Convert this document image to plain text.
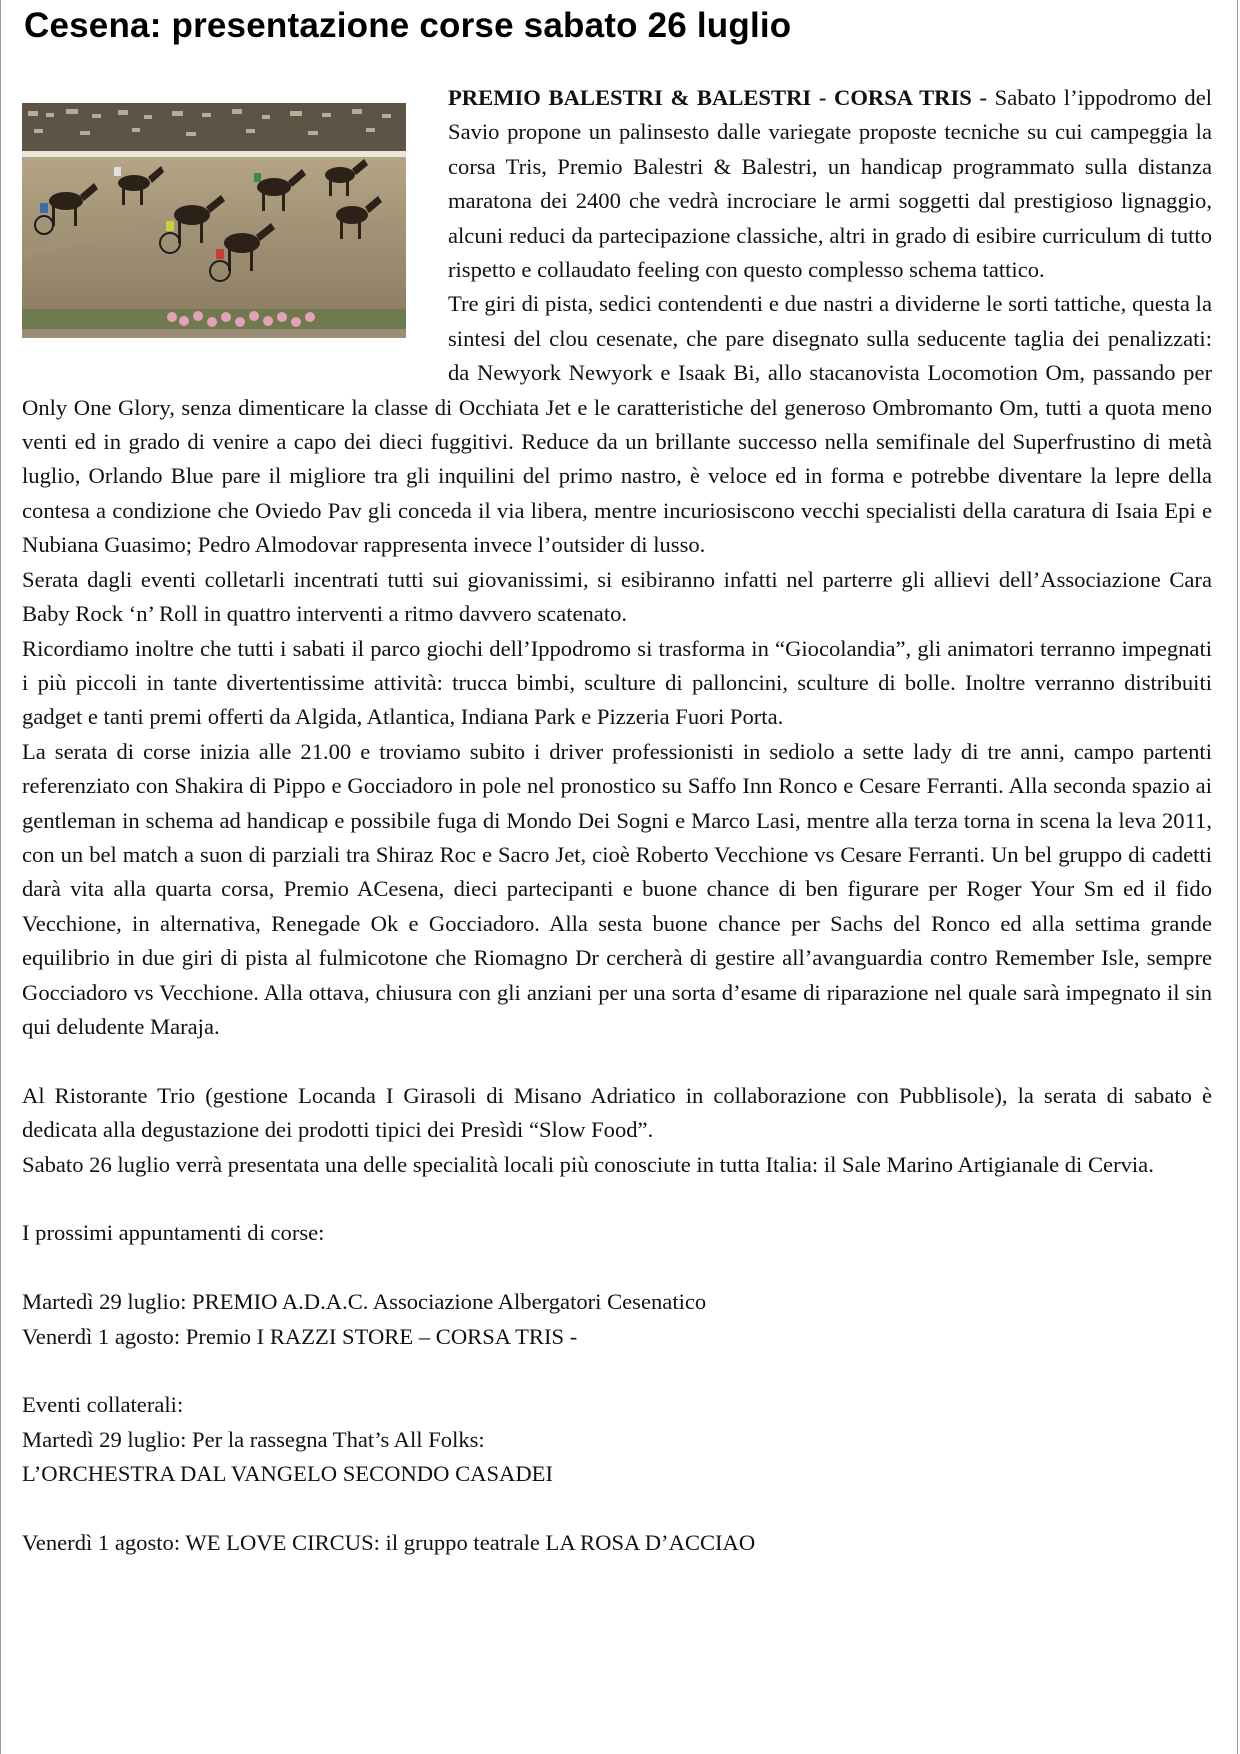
Cesena: presentazione corse sabato 26 luglio

PREMIO BALESTRI & BALESTRI - CORSA TRIS - Sabato l’ippodromo del Savio propone un palinsesto dalle variegate proposte tecniche su cui campeggia la corsa Tris, Premio Balestri & Balestri, un handicap programmato sulla distanza maratona dei 2400 che vedrà incrociare le armi soggetti dal prestigioso lignaggio, alcuni reduci da partecipazione classiche, altri in grado di esibire curriculum di tutto rispetto e collaudato feeling con questo complesso schema tattico.

Tre giri di pista, sedici contendenti e due nastri a dividerne le sorti tattiche, questa la sintesi del clou cesenate, che pare disegnato sulla seducente taglia dei penalizzati: da Newyork Newyork e Isaak Bi, allo stacanovista Locomotion Om, passando per Only One Glory, senza dimenticare la classe di Occhiata Jet e le caratteristiche del generoso Ombromanto Om, tutti a quota meno venti ed in grado di venire a capo dei dieci fuggitivi. Reduce da un brillante successo nella semifinale del Superfrustino di metà luglio, Orlando Blue pare il migliore tra gli inquilini del primo nastro, è veloce ed in forma e potrebbe diventare la lepre della contesa a condizione che Oviedo Pav gli conceda il via libera, mentre incuriosiscono vecchi specialisti della caratura di Isaia Epi e Nubiana Guasimo; Pedro Almodovar rappresenta invece l’outsider di lusso.

Serata dagli eventi colletarli incentrati tutti sui giovanissimi, si esibiranno infatti nel parterre gli allievi dell’Associazione Cara Baby Rock ‘n’ Roll in quattro interventi a ritmo davvero scatenato.

Ricordiamo inoltre che tutti i sabati il parco giochi dell’Ippodromo si trasforma in “Giocolandia”, gli animatori terranno impegnati i più piccoli in tante divertentissime attività: trucca bimbi, sculture di palloncini, sculture di bolle. Inoltre verranno distribuiti gadget e tanti premi offerti da Algida, Atlantica, Indiana Park e Pizzeria Fuori Porta.

La serata di corse inizia alle 21.00 e troviamo subito i driver professionisti in sediolo a sette lady di tre anni, campo partenti referenziato con Shakira di Pippo e Gocciadoro in pole nel pronostico su Saffo Inn Ronco e Cesare Ferranti. Alla seconda spazio ai gentleman in schema ad handicap e possibile fuga di Mondo Dei Sogni e Marco Lasi, mentre alla terza torna in scena la leva 2011, con un bel match a suon di parziali tra Shiraz Roc e Sacro Jet, cioè Roberto Vecchione vs Cesare Ferranti. Un bel gruppo di cadetti darà vita alla quarta corsa, Premio ACesena, dieci partecipanti e buone chance di ben figurare per Roger Your Sm ed il fido Vecchione, in alternativa, Renegade Ok e Gocciadoro. Alla sesta buone chance per Sachs del Ronco ed alla settima grande equilibrio in due giri di pista al fulmicotone che Riomagno Dr cercherà di gestire all’avanguardia contro Remember Isle, sempre Gocciadoro vs Vecchione. Alla ottava, chiusura con gli anziani per una sorta d’esame di riparazione nel quale sarà impegnato il sin qui deludente Maraja.

Al Ristorante Trio (gestione Locanda I Girasoli di Misano Adriatico in collaborazione con Pubblisole), la serata di sabato è dedicata alla degustazione dei prodotti tipici dei Presìdi “Slow Food”.

Sabato 26 luglio verrà presentata una delle specialità locali più conosciute in tutta Italia: il Sale Marino Artigianale di Cervia.

I prossimi appuntamenti di corse:

Martedì 29 luglio: PREMIO A.D.A.C. Associazione Albergatori Cesenatico

Venerdì 1 agosto: Premio I RAZZI STORE – CORSA TRIS -

Eventi collaterali:

Martedì 29 luglio: Per la rassegna That’s All Folks:

L’ORCHESTRA DAL VANGELO SECONDO CASADEI

Venerdì 1 agosto: WE LOVE CIRCUS: il gruppo teatrale LA ROSA D’ACCIAO
